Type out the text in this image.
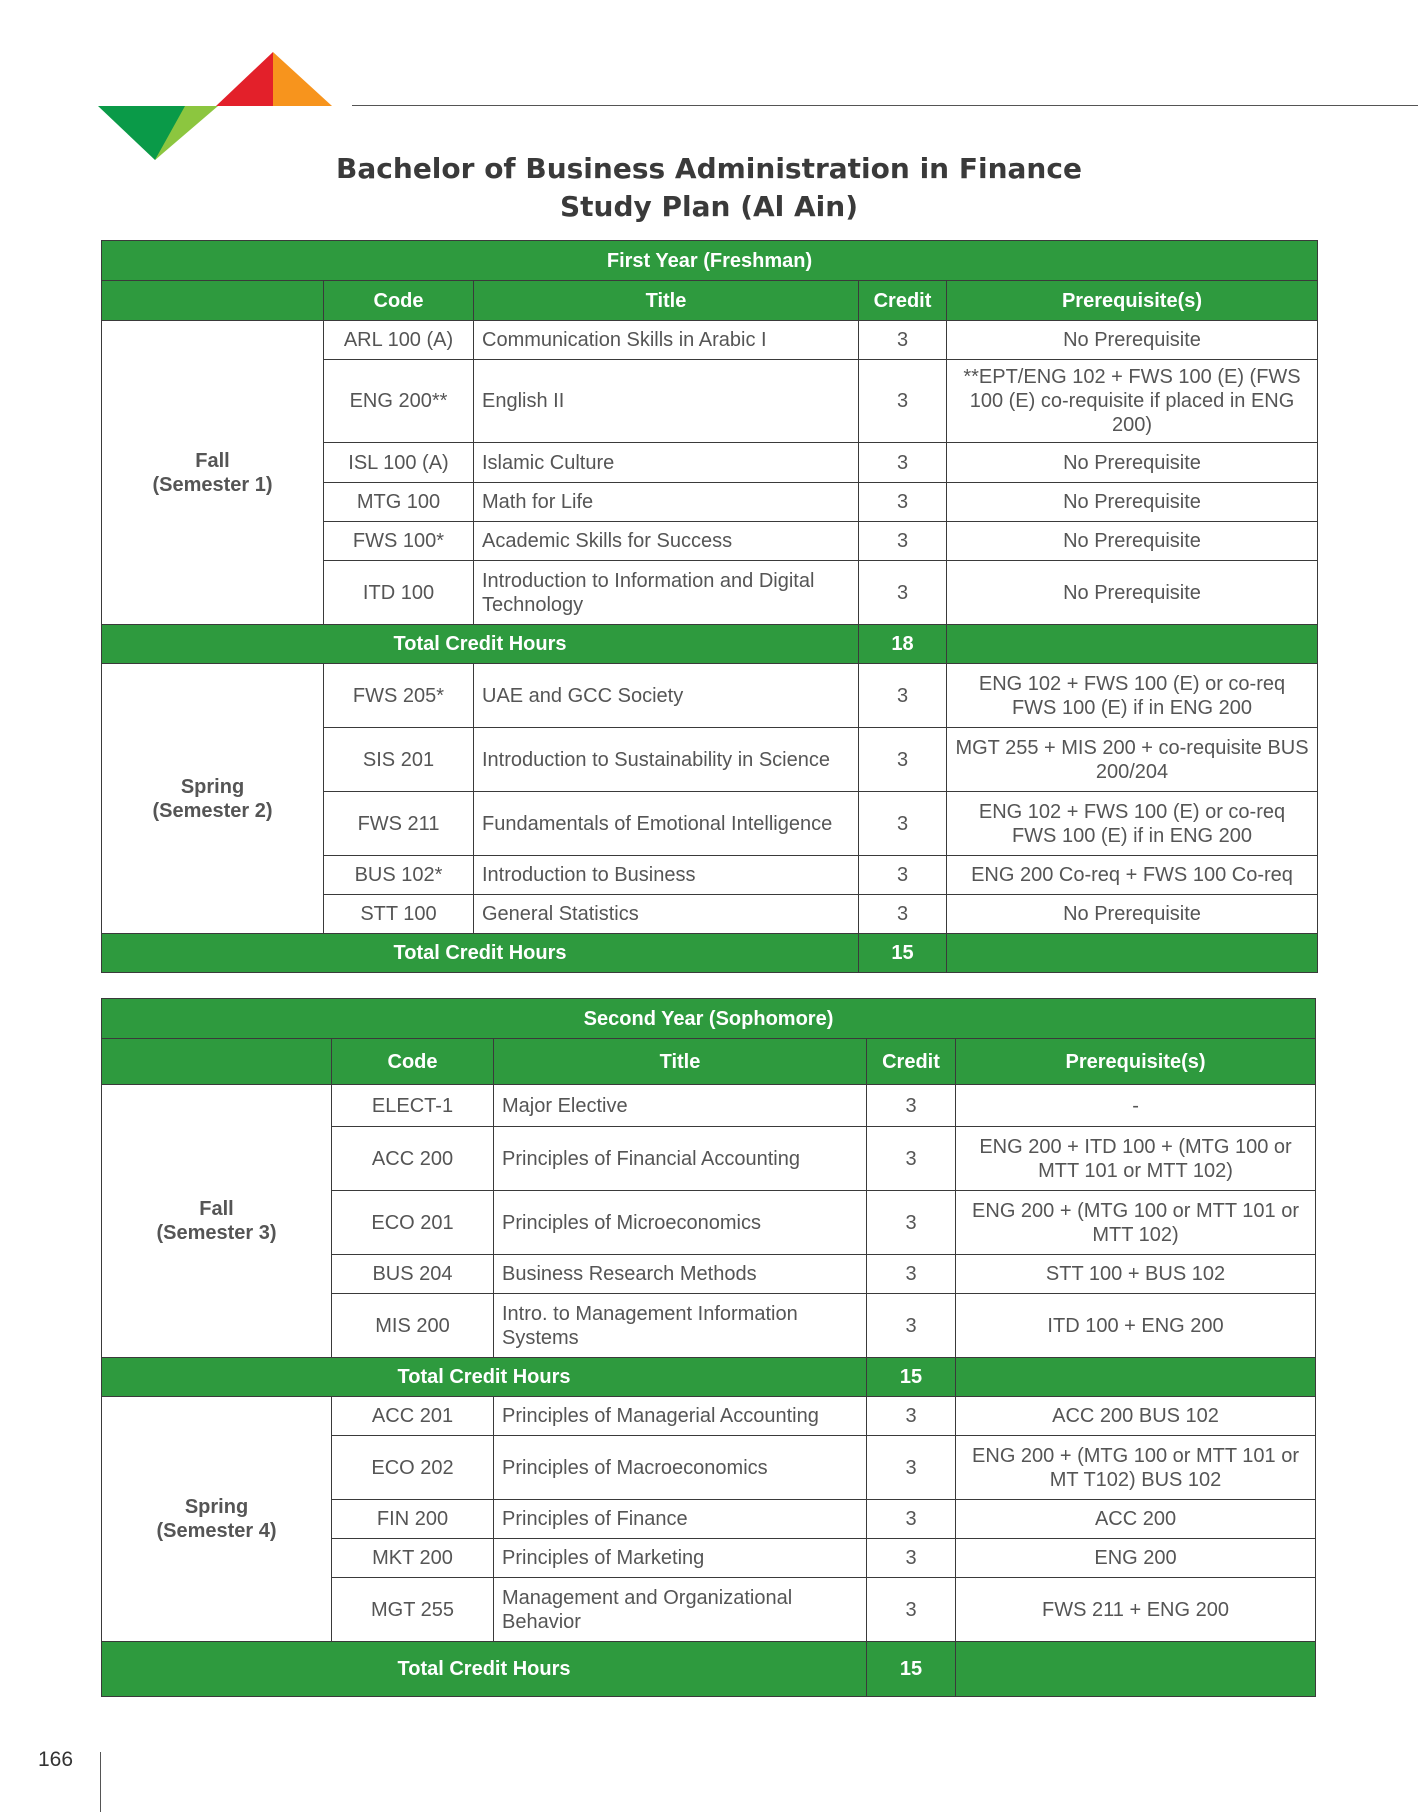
Bachelor of Business Administration in Finance
Study Plan (Al Ain)
First Year (Freshman)				
	Code	Title	Credit	Prerequisite(s)

Fall
(Semester 1)	ARL 100 (A)	Communication Skills in Arabic I	3	No Prerequisite
	ENG 200**	English II	3	**EPT/ENG 102 + FWS 100 (E) (FWS 100 (E) co-requisite if placed in ENG 200)
	ISL 100 (A)	Islamic Culture	3	No Prerequisite
	MTG 100	Math for Life	3	No Prerequisite
	FWS 100*	Academic Skills for Success	3	No Prerequisite
	ITD 100	Introduction to Information and Digital Technology	3	No Prerequisite
Total Credit Hours			18	

Spring
(Semester 2)	FWS 205*	UAE and GCC Society	3	ENG 102 + FWS 100 (E) or co-req FWS 100 (E) if in ENG 200
	SIS 201	Introduction to Sustainability in Science	3	MGT 255 + MIS 200 + co-requisite BUS 200/204
	FWS 211	Fundamentals of Emotional Intelligence	3	ENG 102 + FWS 100 (E) or co-req FWS 100 (E) if in ENG 200
	BUS 102*	Introduction to Business	3	ENG 200 Co-req + FWS 100 Co-req
	STT 100	General Statistics	3	No Prerequisite
Total Credit Hours			15	
Second Year (Sophomore)				
	Code	Title	Credit	Prerequisite(s)

Fall
(Semester 3)	ELECT-1	Major Elective	3	-
	ACC 200	Principles of Financial Accounting	3	ENG 200 + ITD 100 + (MTG 100 or MTT 101 or MTT 102)
	ECO 201	Principles of Microeconomics	3	ENG 200 + (MTG 100 or MTT 101 or MTT 102)
	BUS 204	Business Research Methods	3	STT 100 + BUS 102
	MIS 200	Intro. to Management Information Systems	3	ITD 100 + ENG 200
Total Credit Hours			15	

Spring
(Semester 4)	ACC 201	Principles of Managerial Accounting	3	ACC 200 BUS 102
	ECO 202	Principles of Macroeconomics	3	ENG 200 + (MTG 100 or MTT 101 or MT T102) BUS 102
	FIN 200	Principles of Finance	3	ACC 200
	MKT 200	Principles of Marketing	3	ENG 200
	MGT 255	Management and Organizational Behavior	3	FWS 211 + ENG 200
Total Credit Hours			15	
166
